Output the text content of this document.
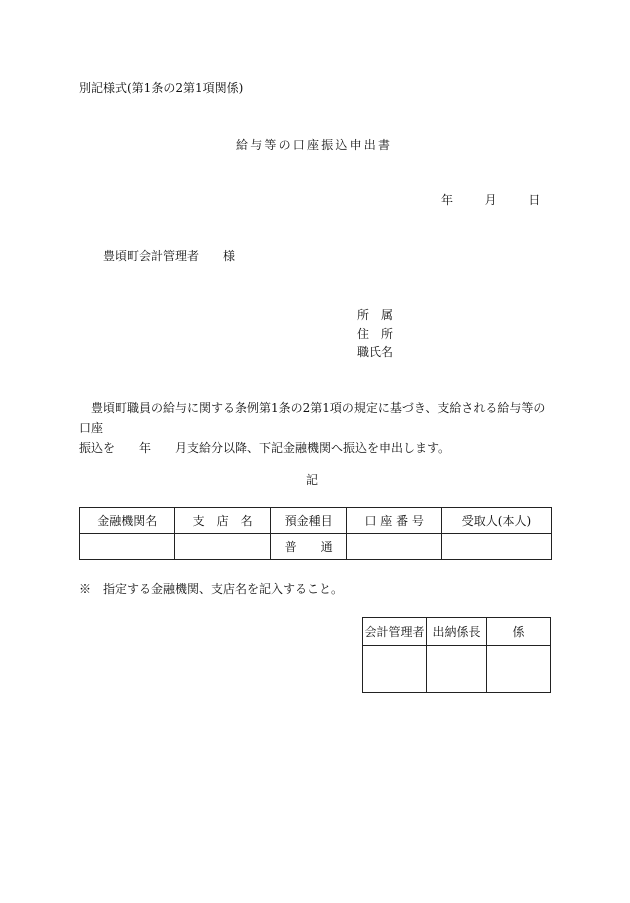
別記様式(第1条の2第1項関係)
給与等の口座振込申出書
年	月	日
豊頃町会計管理者　　様
所　属
住　所
職氏名
　豊頃町職員の給与に関する条例第1条の2第1項の規定に基づき、支給される給与等の口座
振込を　　年　　月支給分以降、下記金融機関へ振込を申出します。
記
金融機関名	支　店　名	預金種目	口 座 番 号	受取人(本人)
		普　　通		
※　指定する金融機関、支店名を記入すること。
会計管理者	出納係長	係
